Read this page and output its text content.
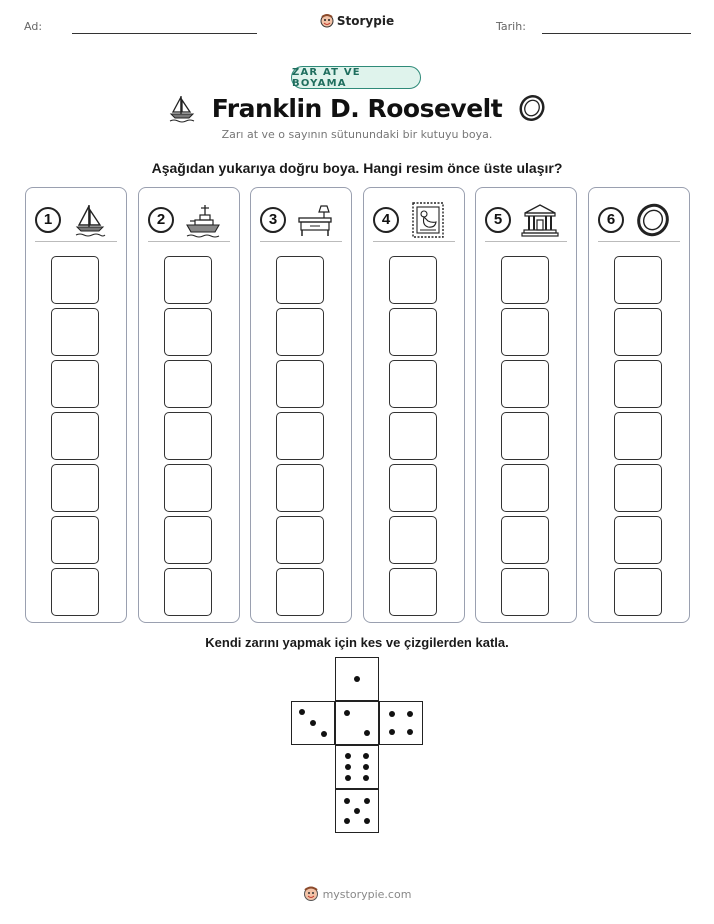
Ad:	Tarih:
Storypie
ZAR AT VE BOYAMA
Franklin D. Roosevelt
Zarı at ve o sayının sütunundaki bir kutuyu boya.
Aşağıdan yukarıya doğru boya. Hangi resim önce üste ulaşır?
1	2	3	4	5	6
Kendi zarını yapmak için kes ve çizgilerden katla.
mystorypie.com
